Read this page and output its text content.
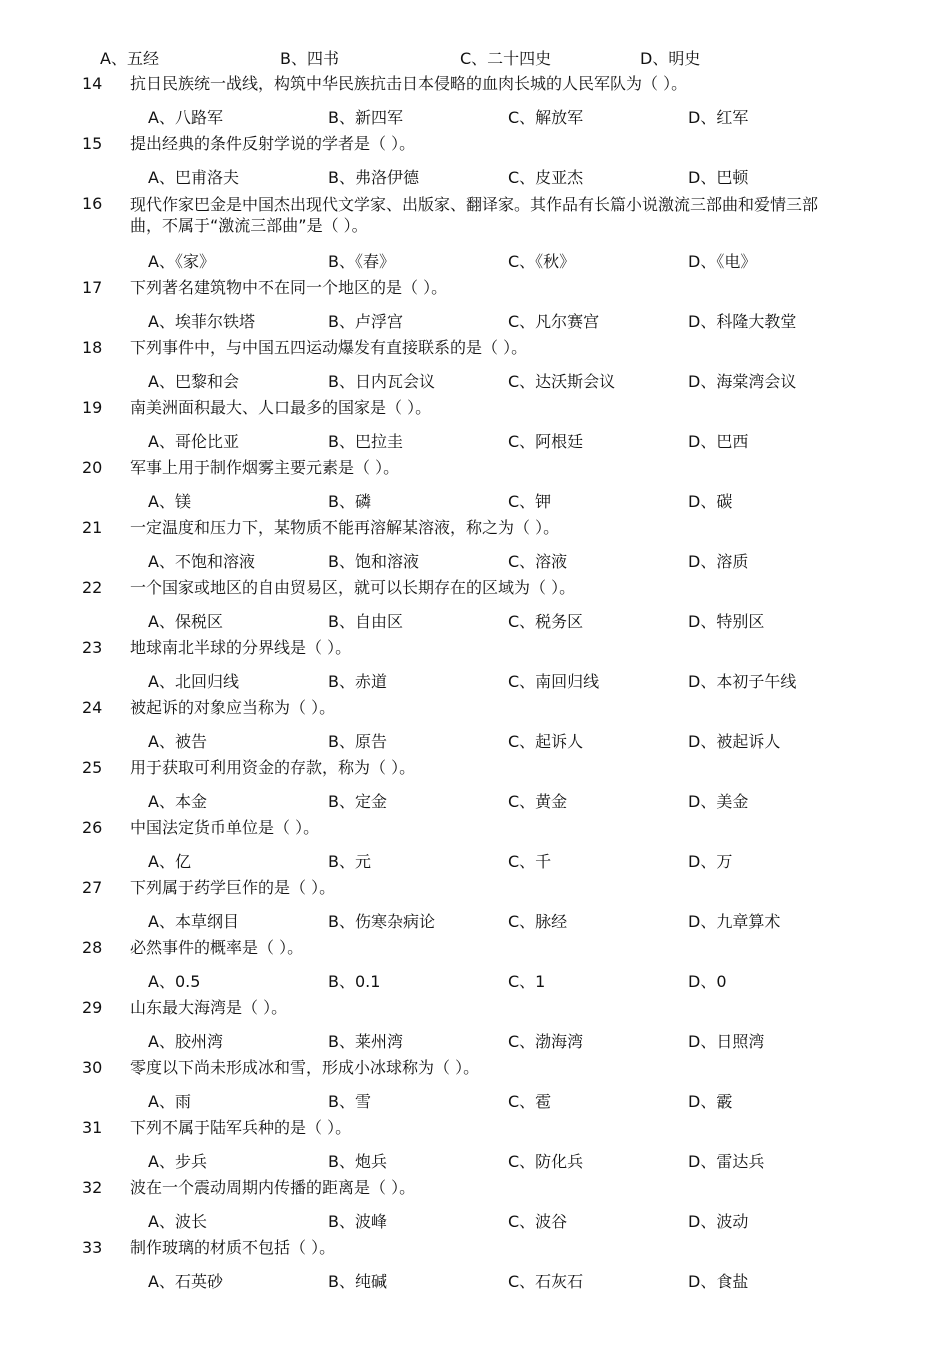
A、五经	B、四书	C、二十四史	D、明史
14	抗日民族统一战线，构筑中华民族抗击日本侵略的血肉长城的人民军队为（ ）。
A、八路军	B、新四军	C、解放军	D、红军
15	提出经典的条件反射学说的学者是（ ）。
A、巴甫洛夫	B、弗洛伊德	C、皮亚杰	D、巴顿
16	现代作家巴金是中国杰出现代文学家、出版家、翻译家。其作品有长篇小说激流三部曲和爱情三部曲，不属于“激流三部曲”是（ ）。
A、《家》	B、《春》	C、《秋》	D、《电》
17	下列著名建筑物中不在同一个地区的是（ ）。
A、埃菲尔铁塔	B、卢浮宫	C、凡尔赛宫	D、科隆大教堂
18	下列事件中，与中国五四运动爆发有直接联系的是（ ）。
A、巴黎和会	B、日内瓦会议	C、达沃斯会议	D、海棠湾会议
19	南美洲面积最大、人口最多的国家是（ ）。
A、哥伦比亚	B、巴拉圭	C、阿根廷	D、巴西
20	军事上用于制作烟雾主要元素是（ ）。
A、镁	B、磷	C、钾	D、碳
21	一定温度和压力下，某物质不能再溶解某溶液，称之为（ ）。
A、不饱和溶液	B、饱和溶液	C、溶液	D、溶质
22	一个国家或地区的自由贸易区，就可以长期存在的区域为（ ）。
A、保税区	B、自由区	C、税务区	D、特别区
23	地球南北半球的分界线是（ ）。
A、北回归线	B、赤道	C、南回归线	D、本初子午线
24	被起诉的对象应当称为（ ）。
A、被告	B、原告	C、起诉人	D、被起诉人
25	用于获取可利用资金的存款，称为（ ）。
A、本金	B、定金	C、黄金	D、美金
26	中国法定货币单位是（ ）。
A、亿	B、元	C、千	D、万
27	下列属于药学巨作的是（ ）。
A、本草纲目	B、伤寒杂病论	C、脉经	D、九章算术
28	必然事件的概率是（ ）。
A、0.5	B、0.1	C、1	D、0
29	山东最大海湾是（ ）。
A、胶州湾	B、莱州湾	C、渤海湾	D、日照湾
30	零度以下尚未形成冰和雪，形成小冰球称为（ ）。
A、雨	B、雪	C、雹	D、霰
31	下列不属于陆军兵种的是（ ）。
A、步兵	B、炮兵	C、防化兵	D、雷达兵
32	波在一个震动周期内传播的距离是（ ）。
A、波长	B、波峰	C、波谷	D、波动
33	制作玻璃的材质不包括（ ）。
A、石英砂	B、纯碱	C、石灰石	D、食盐
